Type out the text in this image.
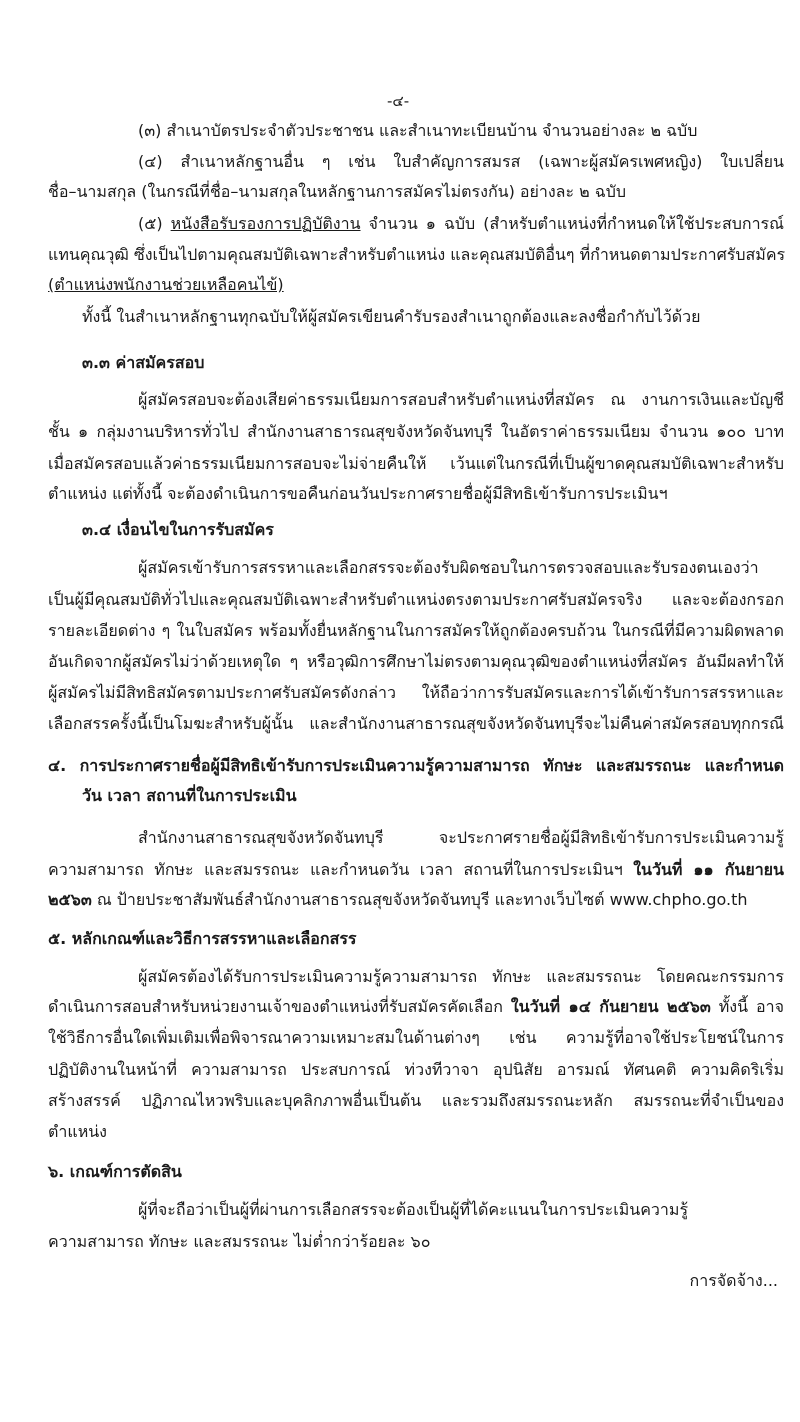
-๔-
(๓) สำเนาบัตรประจำตัวประชาชน และสำเนาทะเบียนบ้าน จำนวนอย่างละ ๒ ฉบับ
(๔) สำเนาหลักฐานอื่น ๆ เช่น ใบสำคัญการสมรส (เฉพาะผู้สมัครเพศหญิง) ใบเปลี่ยน
ชื่อ–นามสกุล (ในกรณีที่ชื่อ–นามสกุลในหลักฐานการสมัครไม่ตรงกัน) อย่างละ ๒ ฉบับ
(๕) หนังสือรับรองการปฏิบัติงาน จำนวน ๑ ฉบับ (สำหรับตำแหน่งที่กำหนดให้ใช้ประสบการณ์
แทนคุณวุฒิ ซึ่งเป็นไปตามคุณสมบัติเฉพาะสำหรับตำแหน่ง และคุณสมบัติอื่นๆ ที่กำหนดตามประกาศรับสมัคร
(ตำแหน่งพนักงานช่วยเหลือคนไข้)
ทั้งนี้ ในสำเนาหลักฐานทุกฉบับให้ผู้สมัครเขียนคำรับรองสำเนาถูกต้องและลงชื่อกำกับไว้ด้วย
๓.๓ ค่าสมัครสอบ
ผู้สมัครสอบจะต้องเสียค่าธรรมเนียมการสอบสำหรับตำแหน่งที่สมัคร ณ งานการเงินและบัญชี
ชั้น ๑ กลุ่มงานบริหารทั่วไป สำนักงานสาธารณสุขจังหวัดจันทบุรี ในอัตราค่าธรรมเนียม จำนวน ๑๐๐ บาท
เมื่อสมัครสอบแล้วค่าธรรมเนียมการสอบจะไม่จ่ายคืนให้ เว้นแต่ในกรณีที่เป็นผู้ขาดคุณสมบัติเฉพาะสำหรับ
ตำแหน่ง แต่ทั้งนี้ จะต้องดำเนินการขอคืนก่อนวันประกาศรายชื่อผู้มีสิทธิเข้ารับการประเมินฯ
๓.๔ เงื่อนไขในการรับสมัคร
ผู้สมัครเข้ารับการสรรหาและเลือกสรรจะต้องรับผิดชอบในการตรวจสอบและรับรองตนเองว่า
เป็นผู้มีคุณสมบัติทั่วไปและคุณสมบัติเฉพาะสำหรับตำแหน่งตรงตามประกาศรับสมัครจริง และจะต้องกรอก
รายละเอียดต่าง ๆ ในใบสมัคร พร้อมทั้งยื่นหลักฐานในการสมัครให้ถูกต้องครบถ้วน ในกรณีที่มีความผิดพลาด
อันเกิดจากผู้สมัครไม่ว่าด้วยเหตุใด ๆ หรือวุฒิการศึกษาไม่ตรงตามคุณวุฒิของตำแหน่งที่สมัคร อันมีผลทำให้
ผู้สมัครไม่มีสิทธิสมัครตามประกาศรับสมัครดังกล่าว ให้ถือว่าการรับสมัครและการได้เข้ารับการสรรหาและ
เลือกสรรครั้งนี้เป็นโมฆะสำหรับผู้นั้น และสำนักงานสาธารณสุขจังหวัดจันทบุรีจะไม่คืนค่าสมัครสอบทุกกรณี
๔. การประกาศรายชื่อผู้มีสิทธิเข้ารับการประเมินความรู้ความสามารถ ทักษะ และสมรรถนะ และกำหนด
วัน เวลา สถานที่ในการประเมิน
สำนักงานสาธารณสุขจังหวัดจันทบุรี จะประกาศรายชื่อผู้มีสิทธิเข้ารับการประเมินความรู้
ความสามารถ ทักษะ และสมรรถนะ และกำหนดวัน เวลา สถานที่ในการประเมินฯ ในวันที่ ๑๑ กันยายน
๒๕๖๓ ณ ป้ายประชาสัมพันธ์สำนักงานสาธารณสุขจังหวัดจันทบุรี และทางเว็บไซต์ www.chpho.go.th
๕. หลักเกณฑ์และวิธีการสรรหาและเลือกสรร
ผู้สมัครต้องได้รับการประเมินความรู้ความสามารถ ทักษะ และสมรรถนะ โดยคณะกรรมการ
ดำเนินการสอบสำหรับหน่วยงานเจ้าของตำแหน่งที่รับสมัครคัดเลือก ในวันที่ ๑๔ กันยายน ๒๕๖๓ ทั้งนี้ อาจ
ใช้วิธีการอื่นใดเพิ่มเติมเพื่อพิจารณาความเหมาะสมในด้านต่างๆ เช่น ความรู้ที่อาจใช้ประโยชน์ในการ
ปฏิบัติงานในหน้าที่ ความสามารถ ประสบการณ์ ท่วงทีวาจา อุปนิสัย อารมณ์ ทัศนคติ ความคิดริเริ่ม
สร้างสรรค์ ปฏิภาณไหวพริบและบุคลิกภาพอื่นเป็นต้น และรวมถึงสมรรถนะหลัก สมรรถนะที่จำเป็นของ
ตำแหน่ง
๖. เกณฑ์การตัดสิน
ผู้ที่จะถือว่าเป็นผู้ที่ผ่านการเลือกสรรจะต้องเป็นผู้ที่ได้คะแนนในการประเมินความรู้
ความสามารถ ทักษะ และสมรรถนะ ไม่ต่ำกว่าร้อยละ ๖๐
การจัดจ้าง...
